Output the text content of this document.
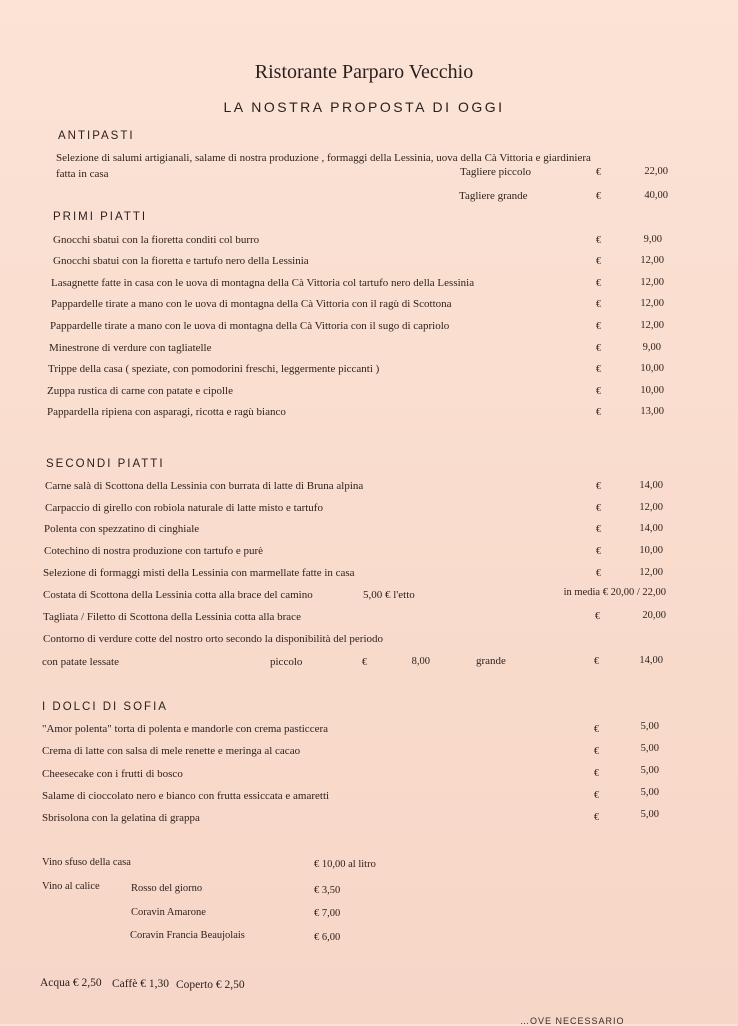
Ristorante Parparo Vecchio
LA NOSTRA PROPOSTA DI OGGI
ANTIPASTI
Selezione di salumi artigianali, salame di nostra produzione , formaggi della Lessinia, uova della Cà Vittoria e giardiniera
fatta in casa	Tagliere piccolo	€	22,00
Tagliere grande	€	40,00
PRIMI PIATTI
Gnocchi sbatui con la fioretta conditi col burro	€	9,00
Gnocchi sbatui con la fioretta e tartufo nero della Lessinia	€	12,00
Lasagnette fatte in casa con le uova di montagna della Cà Vittoria col tartufo nero della Lessinia	€	12,00
Pappardelle tirate a mano con le uova di montagna della Cà Vittoria con il ragù di Scottona	€	12,00
Pappardelle tirate a mano con le uova di montagna della Cà Vittoria con il sugo di capriolo	€	12,00
Minestrone di verdure con tagliatelle	€	9,00
Trippe della casa ( speziate, con pomodorini freschi, leggermente piccanti )	€	10,00
Zuppa rustica di carne con patate e cipolle	€	10,00
Pappardella ripiena con asparagi, ricotta e ragù bianco	€	13,00
SECONDI PIATTI
Carne salà di Scottona della Lessinia con burrata di latte di Bruna alpina	€	14,00
Carpaccio di girello con robiola naturale di latte misto e tartufo	€	12,00
Polenta con spezzatino di cinghiale	€	14,00
Cotechino di nostra produzione con tartufo e purè	€	10,00
Selezione di formaggi misti della Lessinia con marmellate fatte in casa	€	12,00
Costata di Scottona della Lessinia cotta alla brace del camino	5,00 € l'etto	in media € 20,00 / 22,00
Tagliata / Filetto di Scottona della Lessinia cotta alla brace	€	20,00
Contorno di verdure cotte del nostro orto secondo la disponibilità del periodo
con patate lessate	piccolo	€	8,00	grande	€	14,00
I DOLCI DI SOFIA
"Amor polenta" torta di polenta e mandorle con crema pasticcera	€	5,00
Crema di latte con salsa di mele renette e meringa al cacao	€	5,00
Cheesecake con i frutti di bosco	€	5,00
Salame di cioccolato nero e bianco con frutta essiccata e amaretti	€	5,00
Sbrisolona con la gelatina di grappa	€	5,00
Vino sfuso della casa	€ 10,00 al litro
Vino al calice	Rosso del giorno	€ 3,50
Coravin Amarone	€ 7,00
Coravin Francia Beaujolais	€ 6,00
Acqua € 2,50 Caffè € 1,30 Coperto € 2,50
…OVE NECESSARIO
